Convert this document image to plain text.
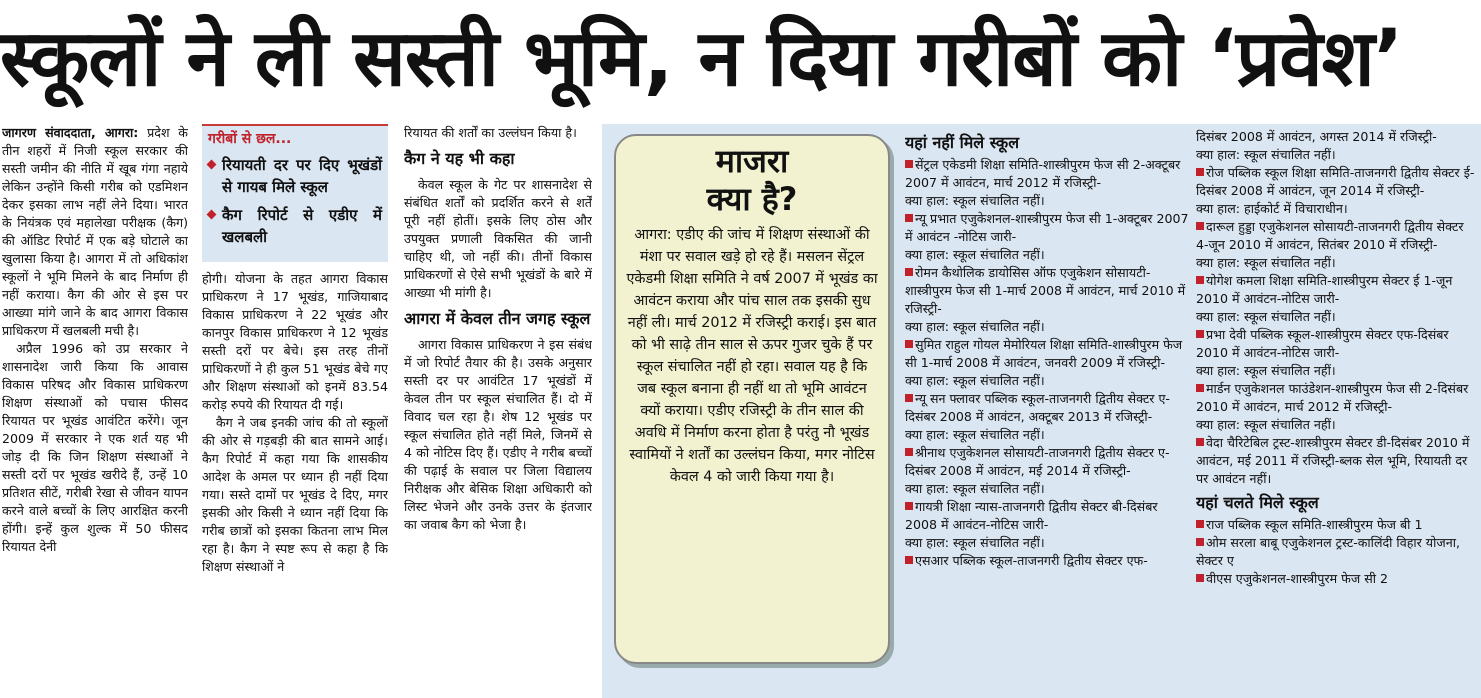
स्कूलों ने ली सस्ती भूमि, न दिया गरीबों को ‘प्रवेश’

जागरण संवाददाता, आगरा: प्रदेश के तीन शहरों में निजी स्कूल सरकार की सस्ती जमीन की नीति में खूब गंगा नहाये लेकिन उन्होंने किसी गरीब को एडमिशन देकर इसका लाभ नहीं लेने दिया। भारत के नियंत्रक एवं महालेखा परीक्षक (कैग) की ऑडिट रिपोर्ट में एक बड़े घोटाले का खुलासा किया है। आगरा में तो अधिकांश स्कूलों ने भूमि मिलने के बाद निर्माण ही नहीं कराया। कैग की ओर से इस पर आख्या मांगे जाने के बाद आगरा विकास प्राधिकरण में खलबली मची है।

अप्रैल 1996 को उप्र सरकार ने शासनादेश जारी किया कि आवास विकास परिषद और विकास प्राधिकरण शिक्षण संस्थाओं को पचास फीसद रियायत पर भूखंड आवंटित करेंगे। जून 2009 में सरकार ने एक शर्त यह भी जोड़ दी कि जिन शिक्षण संस्थाओं ने सस्ती दरों पर भूखंड खरीदे हैं, उन्हें 10 प्रतिशत सीटें, गरीबी रेखा से जीवन यापन करने वाले बच्चों के लिए आरक्षित करनी होंगी। इन्हें कुल शुल्क में 50 फीसद रियायत देनी

गरीबों से छल...
रियायती दर पर दिए भूखंडों से गायब मिले स्कूल
कैग रिपोर्ट से एडीए में खलबली

होगी। योजना के तहत आगरा विकास प्राधिकरण ने 17 भूखंड, गाजियाबाद विकास प्राधिकरण ने 22 भूखंड और कानपुर विकास प्राधिकरण ने 12 भूखंड सस्ती दरों पर बेचे। इस तरह तीनों प्राधिकरणों ने ही कुल 51 भूखंड बेचे गए और शिक्षण संस्थाओं को इनमें 83.54 करोड़ रुपये की रियायत दी गई।

कैग ने जब इनकी जांच की तो स्कूलों की ओर से गड़बड़ी की बात सामने आई। कैग रिपोर्ट में कहा गया कि शासकीय आदेश के अमल पर ध्यान ही नहीं दिया गया। सस्ते दामों पर भूखंड दे दिए, मगर इसकी ओर किसी ने ध्यान नहीं दिया कि गरीब छात्रों को इसका कितना लाभ मिल रहा है। कैग ने स्पष्ट रूप से कहा है कि शिक्षण संस्थाओं ने

रियायत की शर्तों का उल्लंघन किया है।

कैग ने यह भी कहा

केवल स्कूल के गेट पर शासनादेश से संबंधित शर्तों को प्रदर्शित करने से शर्तें पूरी नहीं होतीं। इसके लिए ठोस और उपयुक्त प्रणाली विकसित की जानी चाहिए थी, जो नहीं की। तीनों विकास प्राधिकरणों से ऐसे सभी भूखंडों के बारे में आख्या भी मांगी है।

आगरा में केवल तीन जगह स्कूल

आगरा विकास प्राधिकरण ने इस संबंध में जो रिपोर्ट तैयार की है। उसके अनुसार सस्ती दर पर आवंटित 17 भूखंडों में केवल तीन पर स्कूल संचालित हैं। दो में विवाद चल रहा है। शेष 12 भूखंड पर स्कूल संचालित होते नहीं मिले, जिनमें से 4 को नोटिस दिए हैं। एडीए ने गरीब बच्चों की पढ़ाई के सवाल पर जिला विद्यालय निरीक्षक और बेसिक शिक्षा अधिकारी को लिस्ट भेजने और उनके उत्तर के इंतजार का जवाब कैग को भेजा है।

माजरा
क्या है?
आगरा: एडीए की जांच में शिक्षण संस्थाओं की मंशा पर सवाल खड़े हो रहे हैं। मसलन सेंट्रल एकेडमी शिक्षा समिति ने वर्ष 2007 में भूखंड का आवंटन कराया और पांच साल तक इसकी सुध नहीं ली। मार्च 2012 में रजिस्ट्री कराई। इस बात को भी साढ़े तीन साल से ऊपर गुजर चुके हैं पर स्कूल संचालित नहीं हो रहा। सवाल यह है कि जब स्कूल बनाना ही नहीं था तो भूमि आवंटन क्यों कराया। एडीए रजिस्ट्री के तीन साल की अवधि में निर्माण करना होता है परंतु नौ भूखंड स्वामियों ने शर्तों का उल्लंघन किया, मगर नोटिस केवल 4 को जारी किया गया है।
यहां नहीं मिले स्कूल

सेंट्रल एकेडमी शिक्षा समिति-शास्त्रीपुरम फेज सी 2-अक्टूबर 2007 में आवंटन, मार्च 2012 में रजिस्ट्री-

क्या हाल: स्कूल संचालित नहीं।

न्यू प्रभात एजुकेशनल-शास्त्रीपुरम फेज सी 1-अक्टूबर 2007 में आवंटन -नोटिस जारी-

क्या हाल: स्कूल संचालित नहीं।

रोमन कैथोलिक डायोसिस ऑफ एजुकेशन सोसायटी-शास्त्रीपुरम फेज सी 1-मार्च 2008 में आवंटन, मार्च 2010 में रजिस्ट्री-

क्या हाल: स्कूल संचालित नहीं।

सुमित राहुल गोयल मेमोरियल शिक्षा समिति-शास्त्रीपुरम फेज सी 1-मार्च 2008 में आवंटन, जनवरी 2009 में रजिस्ट्री-

क्या हाल: स्कूल संचालित नहीं।

न्यू सन फ्लावर पब्लिक स्कूल-ताजनगरी द्वितीय सेक्टर ए-दिसंबर 2008 में आवंटन, अक्टूबर 2013 में रजिस्ट्री-

क्या हाल: स्कूल संचालित नहीं।

श्रीनाथ एजुकेशनल सोसायटी-ताजनगरी द्वितीय सेक्टर ए-दिसंबर 2008 में आवंटन, मई 2014 में रजिस्ट्री-

क्या हाल: स्कूल संचालित नहीं।

गायत्री शिक्षा न्यास-ताजनगरी द्वितीय सेक्टर बी-दिसंबर 2008 में आवंटन-नोटिस जारी-

क्या हाल: स्कूल संचालित नहीं।

एसआर पब्लिक स्कूल-ताजनगरी द्वितीय सेक्टर एफ-

दिसंबर 2008 में आवंटन, अगस्त 2014 में रजिस्ट्री-

क्या हाल: स्कूल संचालित नहीं।

रोज पब्लिक स्कूल शिक्षा समिति-ताजनगरी द्वितीय सेक्टर ई-दिसंबर 2008 में आवंटन, जून 2014 में रजिस्ट्री-

क्या हाल: हाईकोर्ट में विचाराधीन।

दारूल हुड्डा एजुकेशनल सोसायटी-ताजनगरी द्वितीय सेक्टर 4-जून 2010 में आवंटन, सितंबर 2010 में रजिस्ट्री-

क्या हाल: स्कूल संचालित नहीं।

योगेश कमला शिक्षा समिति-शास्त्रीपुरम सेक्टर ई 1-जून 2010 में आवंटन-नोटिस जारी-

क्या हाल: स्कूल संचालित नहीं।

प्रभा देवी पब्लिक स्कूल-शास्त्रीपुरम सेक्टर एफ-दिसंबर 2010 में आवंटन-नोटिस जारी-

क्या हाल: स्कूल संचालित नहीं।

मार्डन एजुकेशनल फाउंडेशन-शास्त्रीपुरम फेज सी 2-दिसंबर 2010 में आवंटन, मार्च 2012 में रजिस्ट्री-

क्या हाल: स्कूल संचालित नहीं।

वेदा चैरिटेबिल ट्रस्ट-शास्त्रीपुरम सेक्टर डी-दिसंबर 2010 में आवंटन, मई 2011 में रजिस्ट्री-ब्लक सेल भूमि, रियायती दर पर आवंटन नहीं।

यहां चलते मिले स्कूल

राज पब्लिक स्कूल समिति-शास्त्रीपुरम फेज बी 1

ओम सरला बाबू एजुकेशनल ट्रस्ट-कालिंदी विहार योजना, सेक्टर ए

वीएस एजुकेशनल-शास्त्रीपुरम फेज सी 2
